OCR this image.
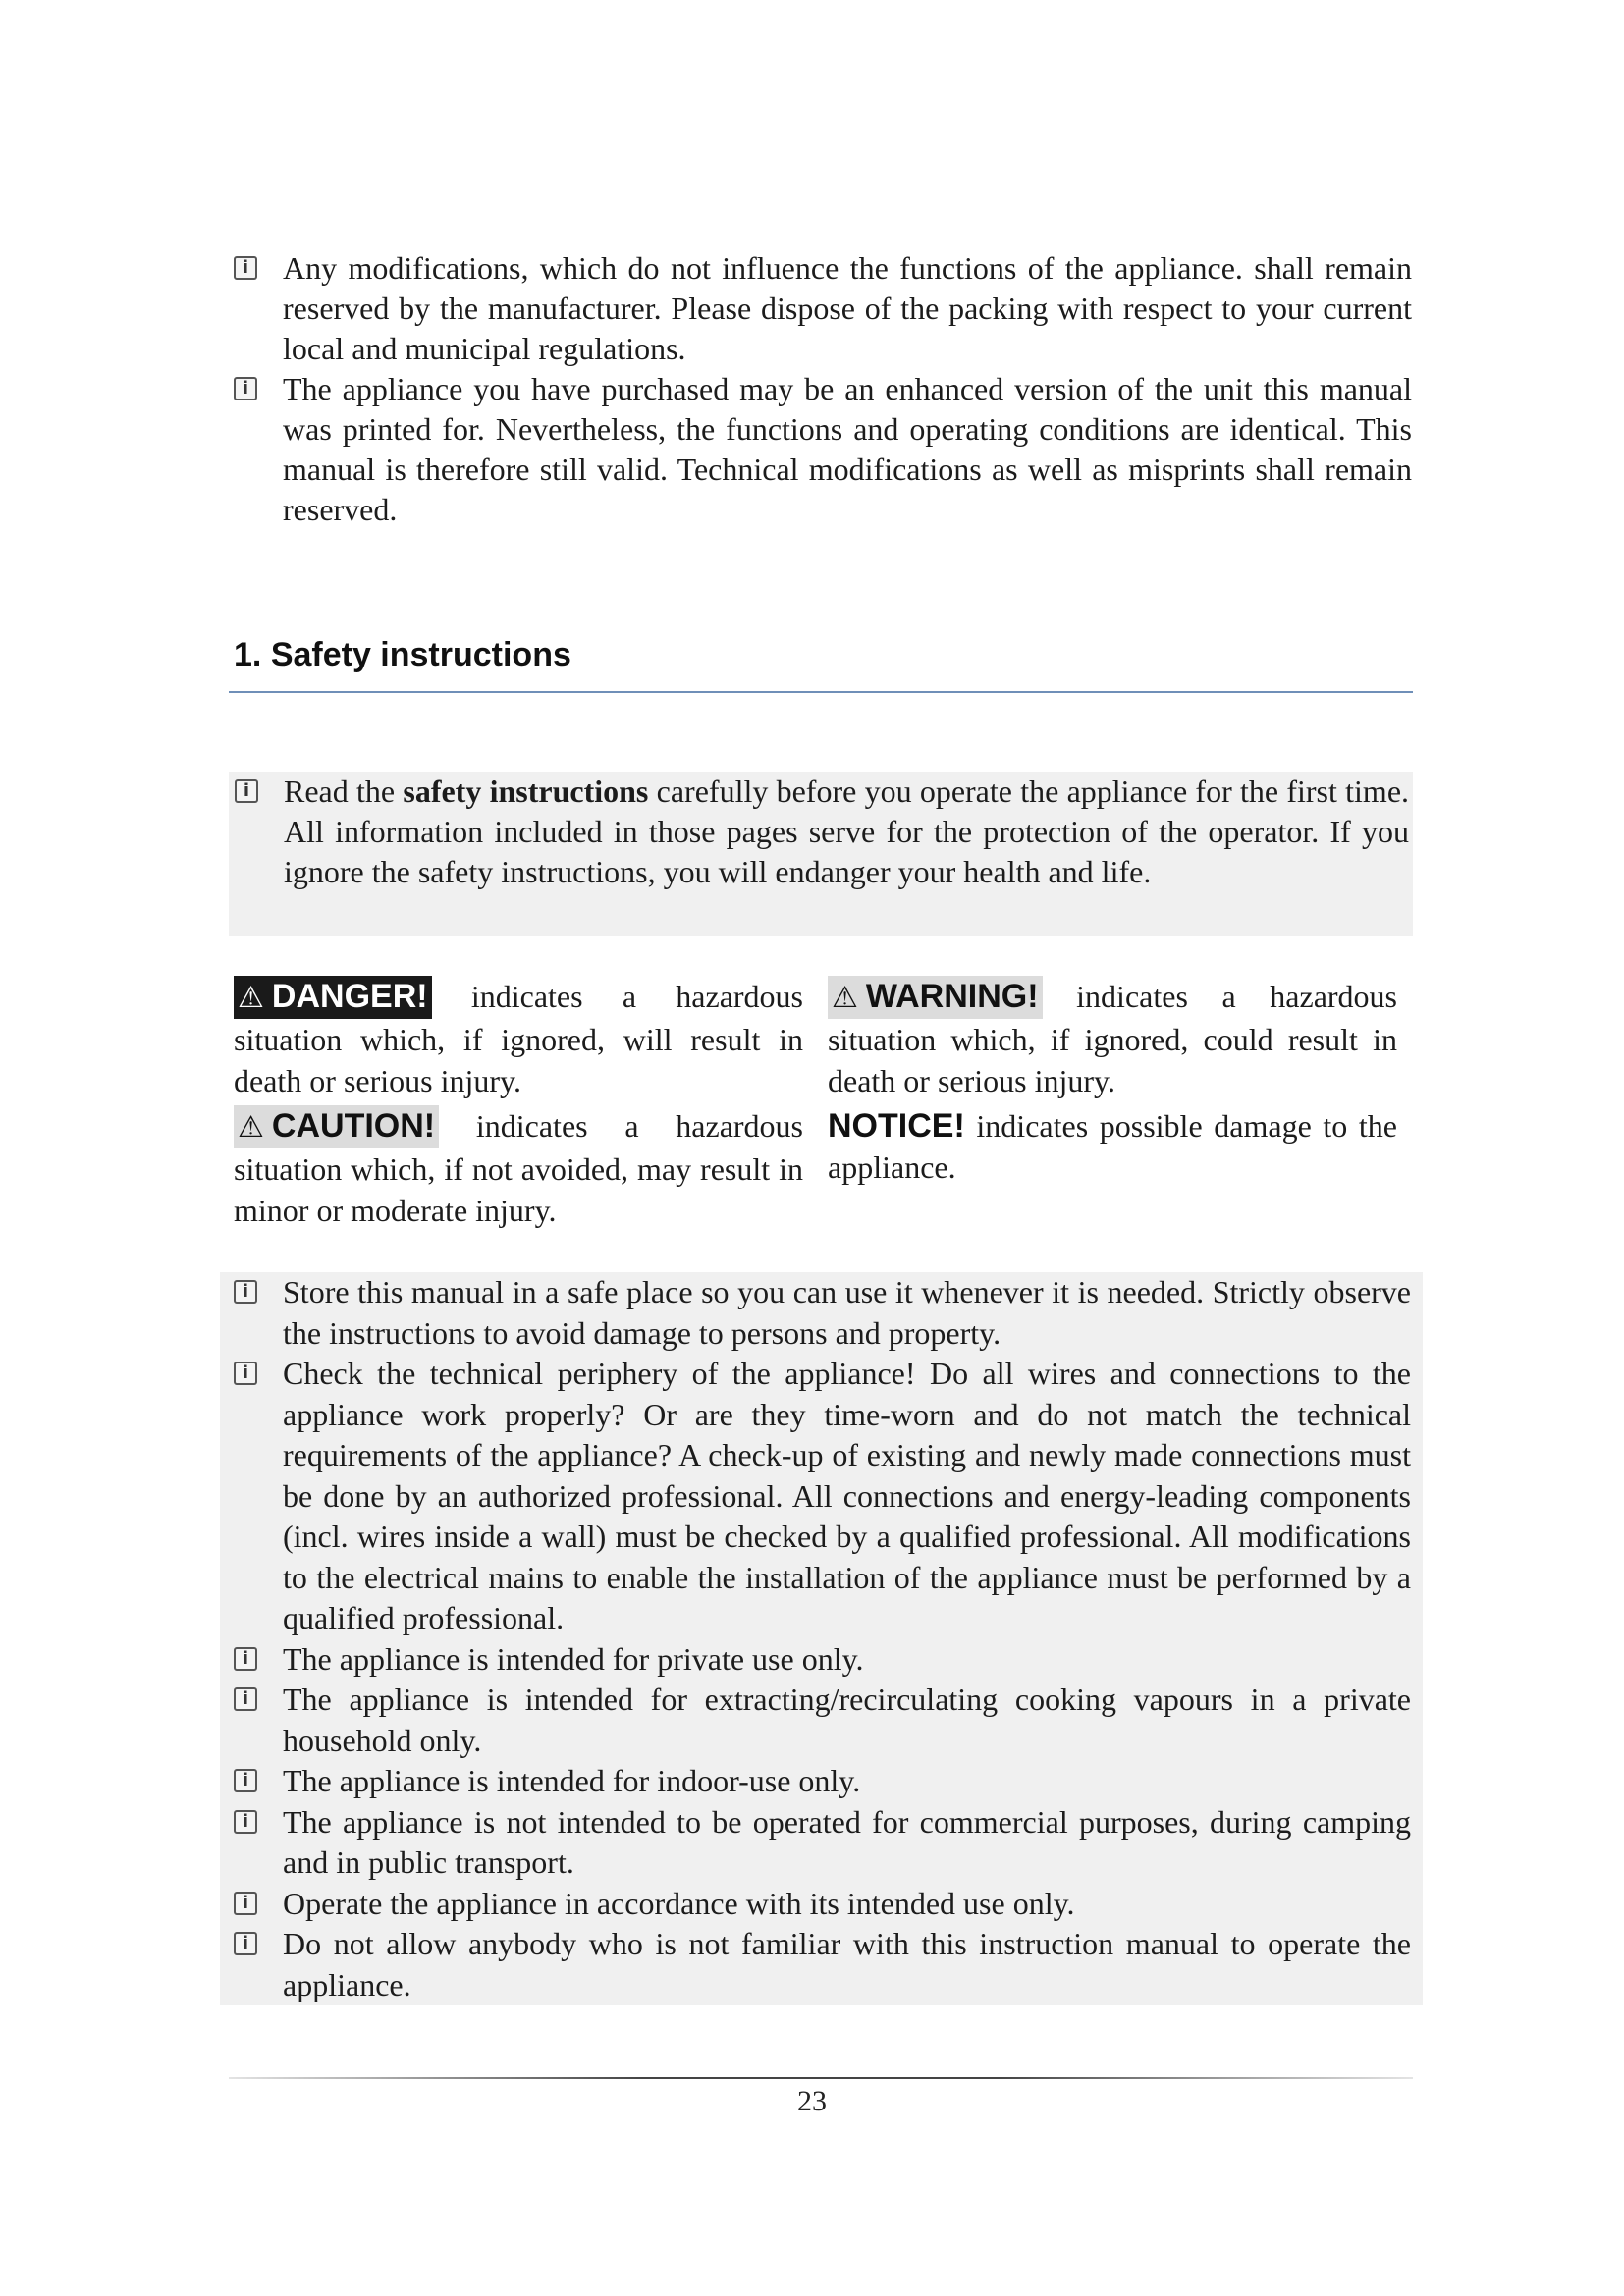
i Any modifications, which do not influence the functions of the appliance. shall remain reserved by the manufacturer. Please dispose of the packing with respect to your current local and municipal regulations.
i The appliance you have purchased may be an enhanced version of the unit this manual was printed for. Nevertheless, the functions and operating conditions are identical. This manual is therefore still valid. Technical modifications as well as misprints shall remain reserved.
1. Safety instructions
i Read the safety instructions carefully before you operate the appliance for the first time. All information included in those pages serve for the protection of the operator. If you ignore the safety instructions, you will endanger your health and life.

⚠ DANGER! indicates a hazardous situation which, if ignored, will result in death or serious injury.

⚠ CAUTION! indicates a hazardous situation which, if not avoided, may result in minor or moderate injury.

⚠ WARNING! indicates a hazardous situation which, if ignored, could result in death or serious injury.

NOTICE! indicates possible damage to the appliance.

i Store this manual in a safe place so you can use it whenever it is needed. Strictly observe the instructions to avoid damage to persons and property.
i Check the technical periphery of the appliance! Do all wires and connections to the appliance work properly? Or are they time-worn and do not match the technical requirements of the appliance? A check-up of existing and newly made connections must be done by an authorized professional. All connections and energy-leading components (incl. wires inside a wall) must be checked by a qualified professional. All modifications to the electrical mains to enable the installation of the appliance must be performed by a qualified professional.
i The appliance is intended for private use only.
i The appliance is intended for extracting/recirculating cooking vapours in a private household only.
i The appliance is intended for indoor-use only.
i The appliance is not intended to be operated for commercial purposes, during camping and in public transport.
i Operate the appliance in accordance with its intended use only.
i Do not allow anybody who is not familiar with this instruction manual to operate the appliance.
23
